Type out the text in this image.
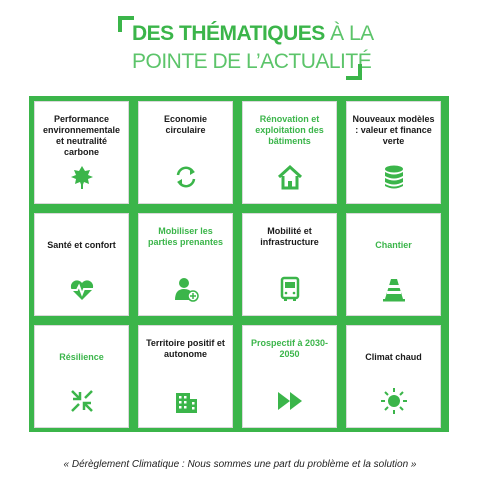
DES THÉMATIQUES À LA
POINTE DE L’ACTUALITÉ
Performance environnementale et neutralité carbone
Economie circulaire
Rénovation et exploitation des bâtiments
Nouveaux modèles : valeur et finance verte
Santé et confort
Mobiliser les parties prenantes
Mobilité et infrastructure	Chantier
Résilience
Territoire positif et autonome
Prospectif à 2030-2050	Climat chaud
« Dérèglement Climatique : Nous sommes une part du problème et la solution »
